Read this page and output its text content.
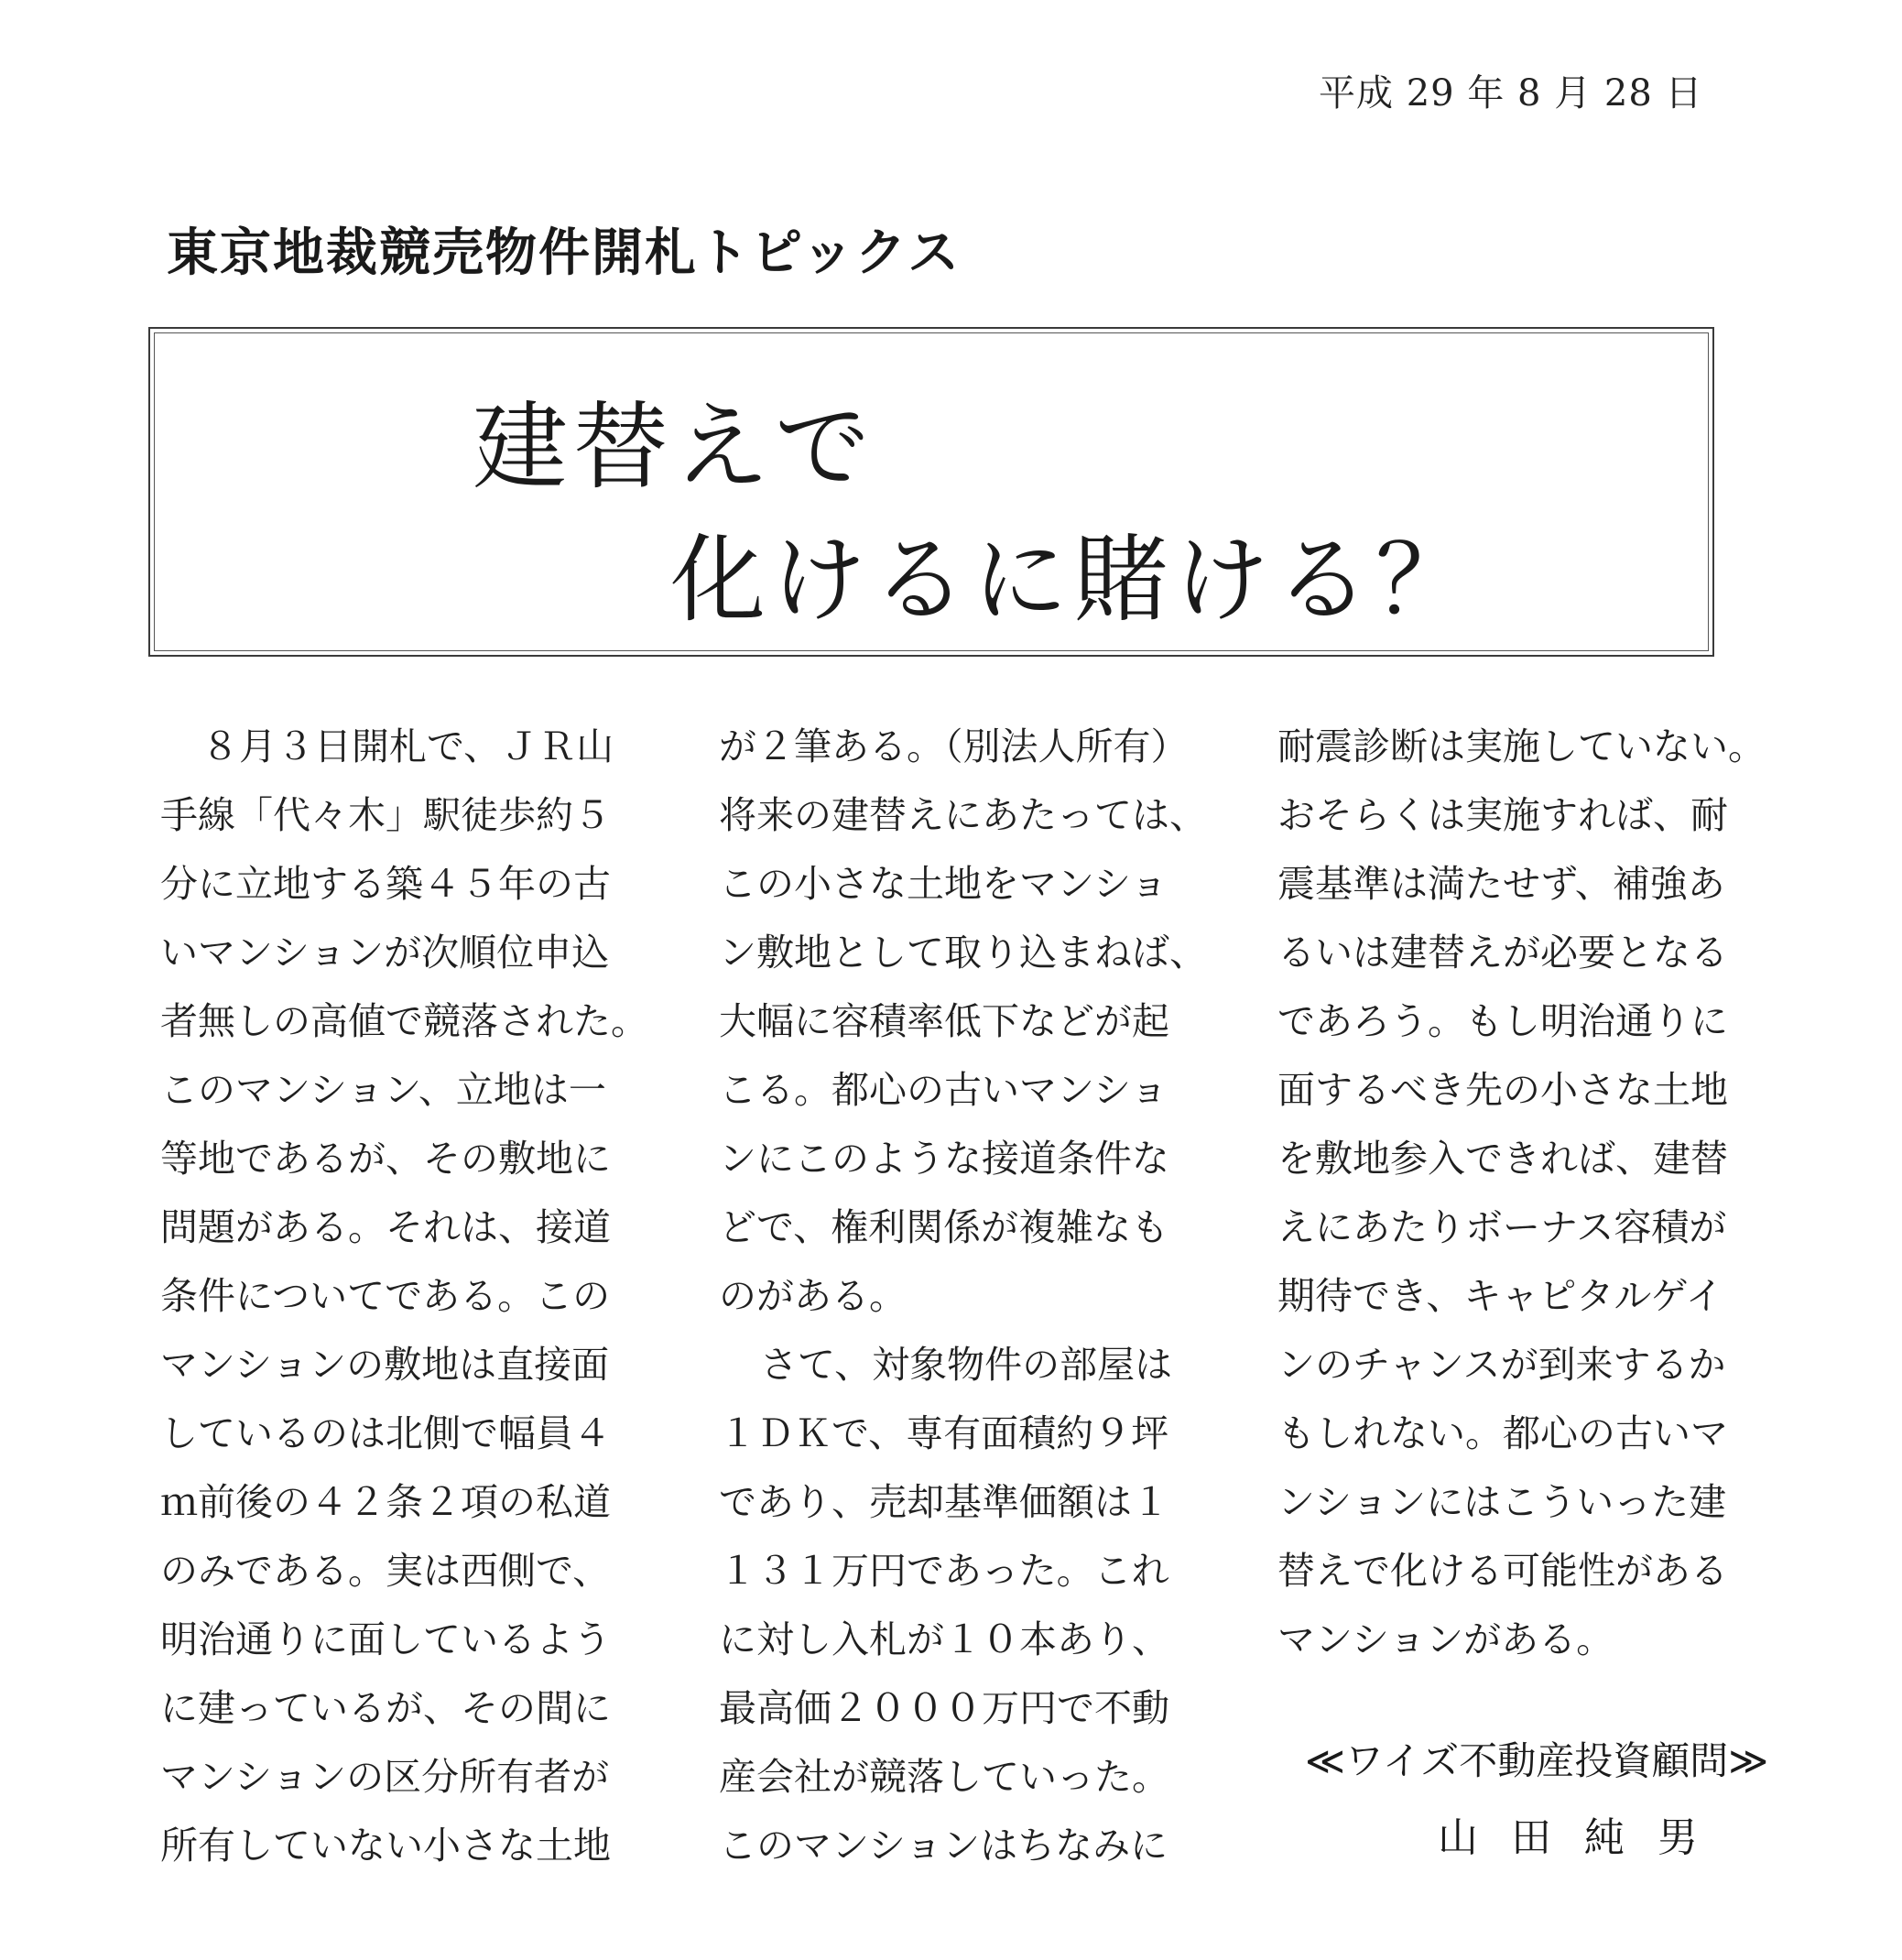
平成 29 年 8 月 28 日
東京地裁競売物件開札トピックス
建替えで
化けるに賭ける？
８月３日開札で、ＪＲ山
手線「代々木」駅徒歩約５
分に立地する築４５年の古
いマンションが次順位申込
者無しの高値で競落された。
このマンション、立地は一
等地であるが、その敷地に
問題がある。それは、接道
条件についてである。この
マンションの敷地は直接面
しているのは北側で幅員４
ｍ前後の４２条２項の私道
のみである。実は西側で、
明治通りに面しているよう
に建っているが、その間に
マンションの区分所有者が
所有していない小さな土地
が２筆ある。（別法人所有）
将来の建替えにあたっては、
この小さな土地をマンショ
ン敷地として取り込まねば、
大幅に容積率低下などが起
こる。都心の古いマンショ
ンにこのような接道条件な
どで、権利関係が複雑なも
のがある。
さて、対象物件の部屋は
１ＤＫで、専有面積約９坪
であり、売却基準価額は１
１３１万円であった。これ
に対し入札が１０本あり、
最高価２０００万円で不動
産会社が競落していった。
このマンションはちなみに
耐震診断は実施していない。
おそらくは実施すれば、耐
震基準は満たせず、補強あ
るいは建替えが必要となる
であろう。もし明治通りに
面するべき先の小さな土地
を敷地参入できれば、建替
えにあたりボーナス容積が
期待でき、キャピタルゲイ
ンのチャンスが到来するか
もしれない。都心の古いマ
ンションにはこういった建
替えで化ける可能性がある
マンションがある。
≪ワイズ不動産投資顧問≫
山田純男
